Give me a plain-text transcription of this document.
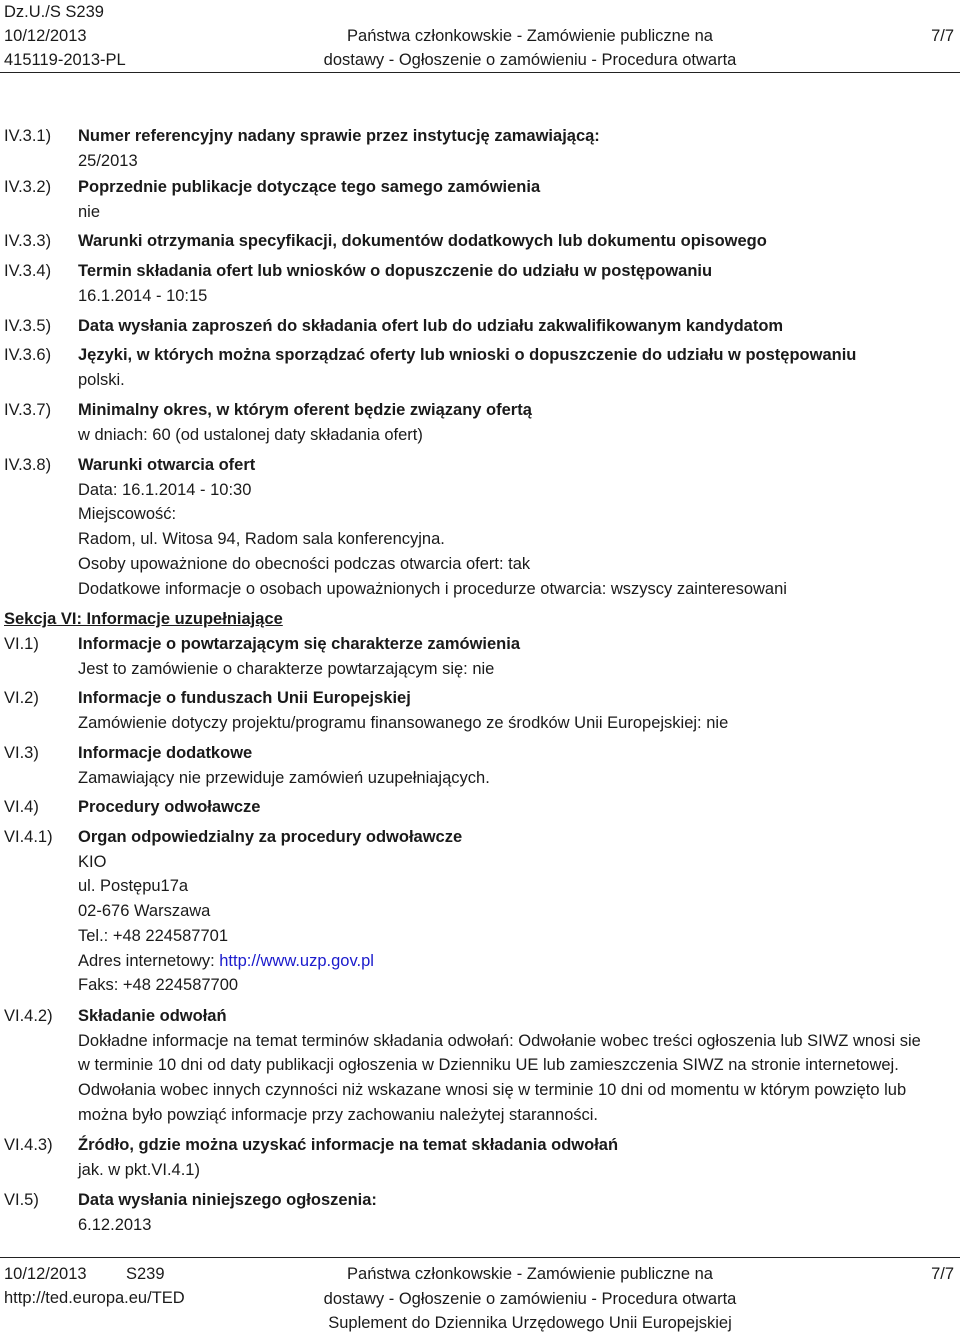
Dz.U./S S239
10/12/2013
415119-2013-PL
Państwa członkowskie - Zamówienie publiczne na
dostawy - Ogłoszenie o zamówieniu - Procedura otwarta
7/7
IV.3.1) Numer referencyjny nadany sprawie przez instytucję zamawiającą:
25/2013
IV.3.2) Poprzednie publikacje dotyczące tego samego zamówienia
nie
IV.3.3) Warunki otrzymania specyfikacji, dokumentów dodatkowych lub dokumentu opisowego
IV.3.4) Termin składania ofert lub wniosków o dopuszczenie do udziału w postępowaniu
16.1.2014 - 10:15
IV.3.5) Data wysłania zaproszeń do składania ofert lub do udziału zakwalifikowanym kandydatom
IV.3.6) Języki, w których można sporządzać oferty lub wnioski o dopuszczenie do udziału w postępowaniu
polski.
IV.3.7) Minimalny okres, w którym oferent będzie związany ofertą
w dniach: 60 (od ustalonej daty składania ofert)
IV.3.8) Warunki otwarcia ofert
Data: 16.1.2014 - 10:30
Miejscowość:
Radom, ul. Witosa 94, Radom sala konferencyjna.
Osoby upoważnione do obecności podczas otwarcia ofert: tak
Dodatkowe informacje o osobach upoważnionych i procedurze otwarcia: wszyscy zainteresowani
Sekcja VI: Informacje uzupełniające
VI.1) Informacje o powtarzającym się charakterze zamówienia
Jest to zamówienie o charakterze powtarzającym się: nie
VI.2) Informacje o funduszach Unii Europejskiej
Zamówienie dotyczy projektu/programu finansowanego ze środków Unii Europejskiej: nie
VI.3) Informacje dodatkowe
Zamawiający nie przewiduje zamówień uzupełniających.
VI.4) Procedury odwoławcze
VI.4.1) Organ odpowiedzialny za procedury odwoławcze
KIO
ul. Postępu17a
02-676 Warszawa
Tel.: +48 224587701
Adres internetowy: http://www.uzp.gov.pl
Faks: +48 224587700
VI.4.2) Składanie odwołań
Dokładne informacje na temat terminów składania odwołań: Odwołanie wobec treści ogłoszenia lub SIWZ wnosi sie w terminie 10 dni od daty publikacji ogłoszenia w Dzienniku UE lub zamieszczenia SIWZ na stronie internetowej. Odwołania wobec innych czynności niż wskazane wnosi się w terminie 10 dni od momentu w którym powzięto lub można było powziąć informacje przy zachowaniu należytej staranności.
VI.4.3) Źródło, gdzie można uzyskać informacje na temat składania odwołań
jak. w pkt.VI.4.1)
VI.5) Data wysłania niniejszego ogłoszenia:
6.12.2013
10/12/2013 S239
http://ted.europa.eu/TED
Państwa członkowskie - Zamówienie publiczne na
dostawy - Ogłoszenie o zamówieniu - Procedura otwarta
Suplement do Dziennika Urzędowego Unii Europejskiej
7/7
